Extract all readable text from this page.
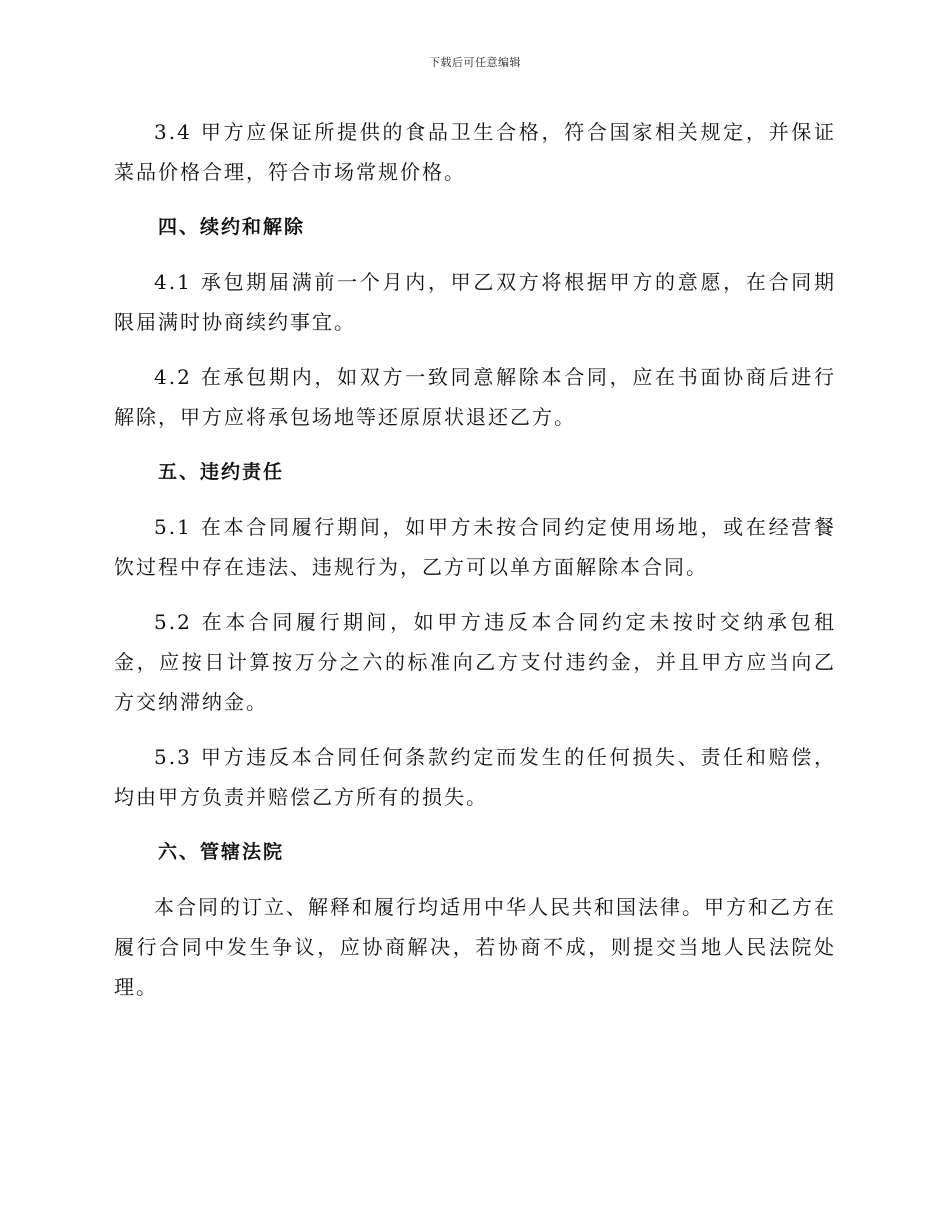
下载后可任意编辑

3.4 甲方应保证所提供的食品卫生合格，符合国家相关规定，并保证菜品价格合理，符合市场常规价格。

四、续约和解除

4.1 承包期届满前一个月内，甲乙双方将根据甲方的意愿，在合同期限届满时协商续约事宜。

4.2 在承包期内，如双方一致同意解除本合同，应在书面协商后进行解除，甲方应将承包场地等还原原状退还乙方。

五、违约责任

5.1 在本合同履行期间，如甲方未按合同约定使用场地，或在经营餐饮过程中存在违法、违规行为，乙方可以单方面解除本合同。

5.2 在本合同履行期间，如甲方违反本合同约定未按时交纳承包租金，应按日计算按万分之六的标准向乙方支付违约金，并且甲方应当向乙方交纳滞纳金。

5.3 甲方违反本合同任何条款约定而发生的任何损失、责任和赔偿，均由甲方负责并赔偿乙方所有的损失。

六、管辖法院

本合同的订立、解释和履行均适用中华人民共和国法律。甲方和乙方在履行合同中发生争议，应协商解决，若协商不成，则提交当地人民法院处理。
